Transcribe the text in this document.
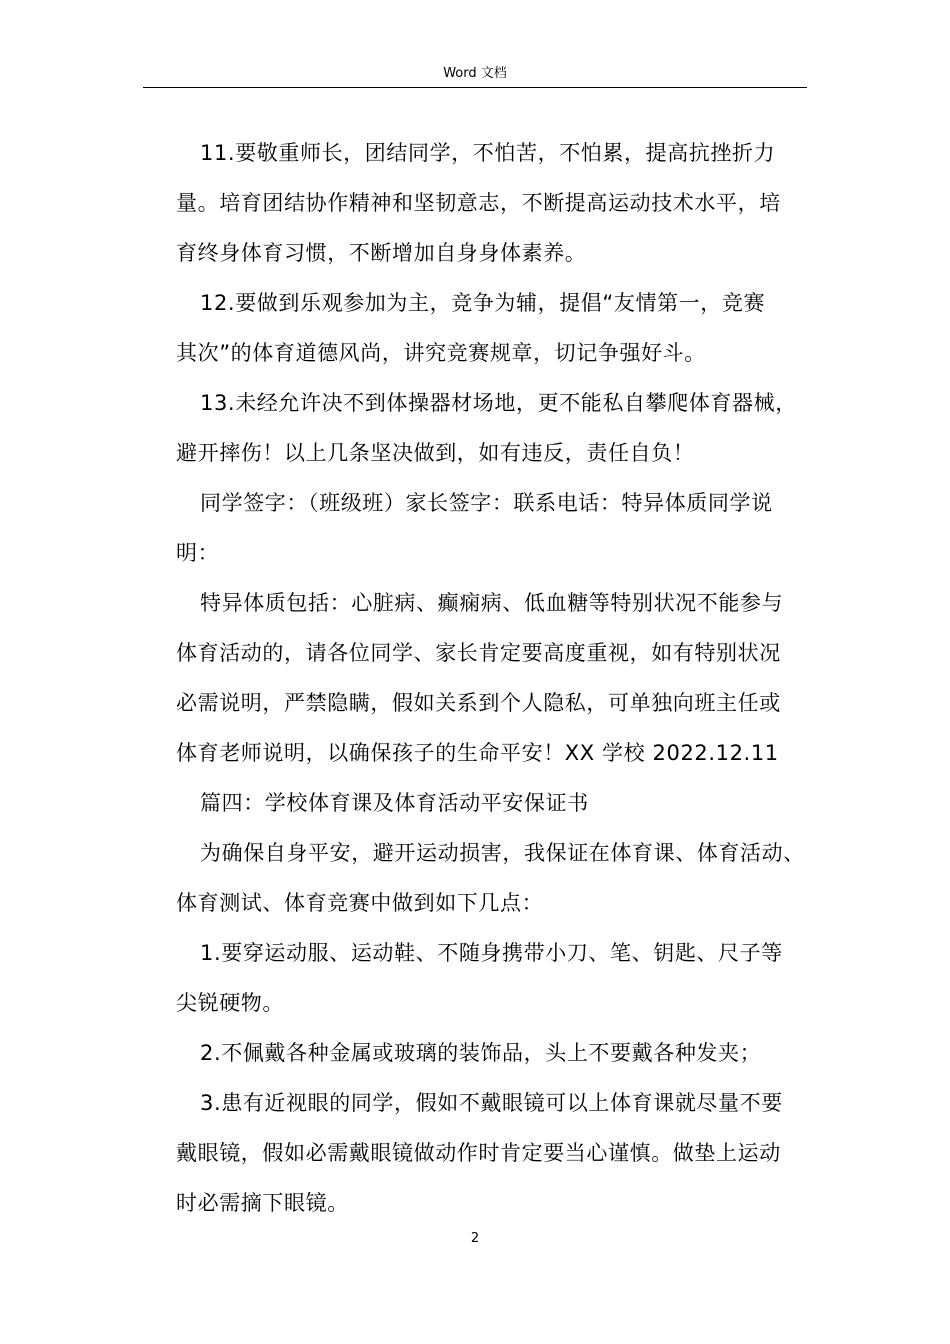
Word 文档
11.要敬重师长，团结同学，不怕苦，不怕累，提高抗挫折力
量。培育团结协作精神和坚韧意志，不断提高运动技术水平，培
育终身体育习惯，不断增加自身身体素养。
12.要做到乐观参加为主，竞争为辅，提倡“友情第一，竞赛
其次”的体育道德风尚，讲究竞赛规章，切记争强好斗。
13.未经允许决不到体操器材场地，更不能私自攀爬体育器械，
避开摔伤！以上几条坚决做到，如有违反，责任自负！
同学签字：（班级班）家长签字：联系电话：特异体质同学说
明：
特异体质包括：心脏病、癫痫病、低血糖等特别状况不能参与
体育活动的，请各位同学、家长肯定要高度重视，如有特别状况
必需说明，严禁隐瞒，假如关系到个人隐私，可单独向班主任或
体育老师说明，以确保孩子的生命平安！XX 学校 2022.12.11
篇四：学校体育课及体育活动平安保证书
为确保自身平安，避开运动损害，我保证在体育课、体育活动、
体育测试、体育竞赛中做到如下几点：
1.要穿运动服、运动鞋、不随身携带小刀、笔、钥匙、尺子等
尖锐硬物。
2.不佩戴各种金属或玻璃的装饰品，头上不要戴各种发夹；
3.患有近视眼的同学，假如不戴眼镜可以上体育课就尽量不要
戴眼镜，假如必需戴眼镜做动作时肯定要当心谨慎。做垫上运动
时必需摘下眼镜。
2
